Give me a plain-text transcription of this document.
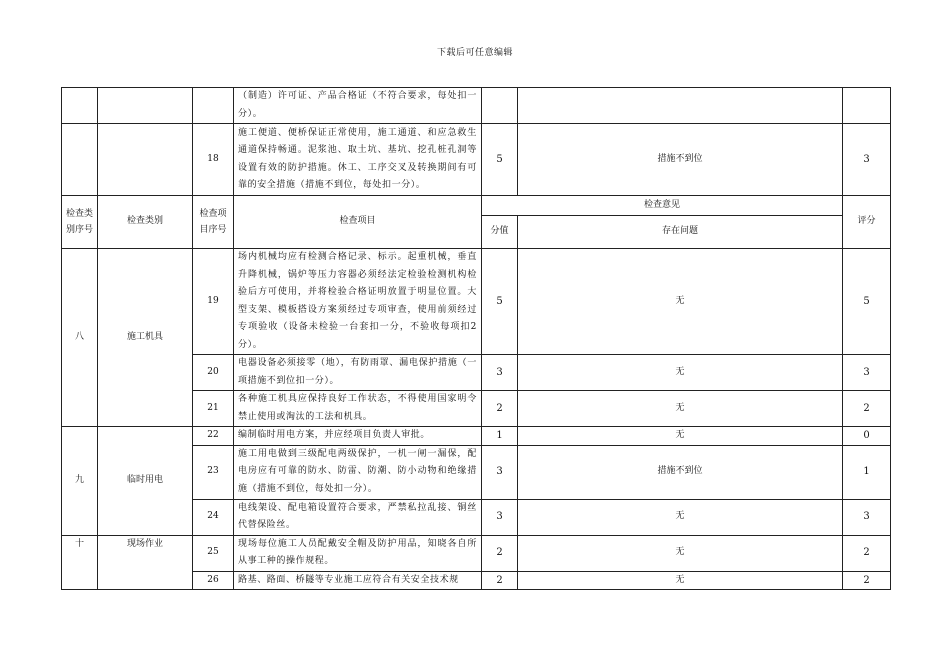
下载后可任意编辑
			（制造）许可证、产品合格证（不符合要求，每处扣一分）。			
		18	施工便道、便桥保证正常使用，施工通道、和应急救生通道保持畅通。泥浆池、取土坑、基坑、挖孔桩孔洞等设置有效的防护措施。休工、工序交叉及转换期间有可靠的安全措施（措施不到位，每处扣一分）。	5	措施不到位	3
检查类别序号	检查类别	检查项目序号	检查项目	检查意见		评分
				分值	存在问题	
八	施工机具	19	场内机械均应有检测合格记录、标示。起重机械，垂直升降机械，锅炉等压力容器必须经法定检验检测机构检验后方可使用，并将检验合格证明放置于明显位置。大型支架、模板搭设方案须经过专项审查，使用前须经过专项验收（设备未检验一台套扣一分，不验收每项扣2分）。	5	无	5
		20	电器设备必须接零（地），有防雨罩、漏电保护措施（一项措施不到位扣一分）。	3	无	3
		21	各种施工机具应保持良好工作状态，不得使用国家明令禁止使用或淘汰的工法和机具。	2	无	2
九	临时用电	22	编制临时用电方案，并应经项目负责人审批。	1	无	0
		23	施工用电做到三级配电两级保护，一机一闸一漏保，配电房应有可靠的防水、防雷、防潮、防小动物和绝缘措施（措施不到位，每处扣一分）。	3	措施不到位	1
		24	电线架设、配电箱设置符合要求，严禁私拉乱接、铜丝代替保险丝。	3	无	3
十	现场作业	25	现场每位施工人员配戴安全帽及防护用品，知晓各自所从事工种的操作规程。	2	无	2
		26	路基、路面、桥隧等专业施工应符合有关安全技术规	2	无	2
